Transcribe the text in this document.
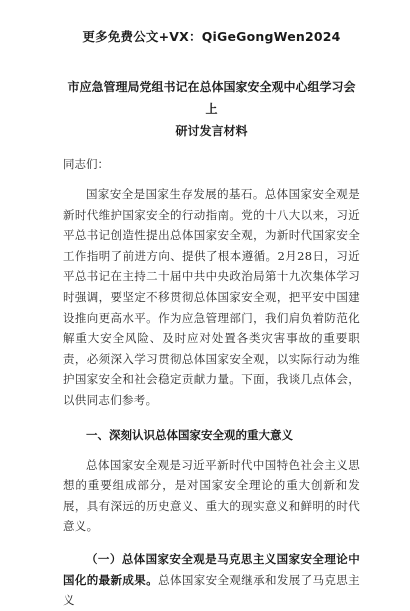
更多免费公文+VX：QiGeGongWen2024
市应急管理局党组书记在总体国家安全观中心组学习会上
研讨发言材料
同志们：
国家安全是国家生存发展的基石。总体国家安全观是新时代维护国家安全的行动指南。党的十八大以来，习近平总书记创造性提出总体国家安全观，为新时代国家安全工作指明了前进方向、提供了根本遵循。2月28日，习近平总书记在主持二十届中共中央政治局第十九次集体学习时强调，要坚定不移贯彻总体国家安全观，把平安中国建设推向更高水平。作为应急管理部门，我们肩负着防范化解重大安全风险、及时应对处置各类灾害事故的重要职责，必须深入学习贯彻总体国家安全观，以实际行动为维护国家安全和社会稳定贡献力量。下面，我谈几点体会，以供同志们参考。
一、深刻认识总体国家安全观的重大意义
总体国家安全观是习近平新时代中国特色社会主义思想的重要组成部分，是对国家安全理论的重大创新和发展，具有深远的历史意义、重大的现实意义和鲜明的时代意义。
（一）总体国家安全观是马克思主义国家安全理论中国化的最新成果。总体国家安全观继承和发展了马克思主义
